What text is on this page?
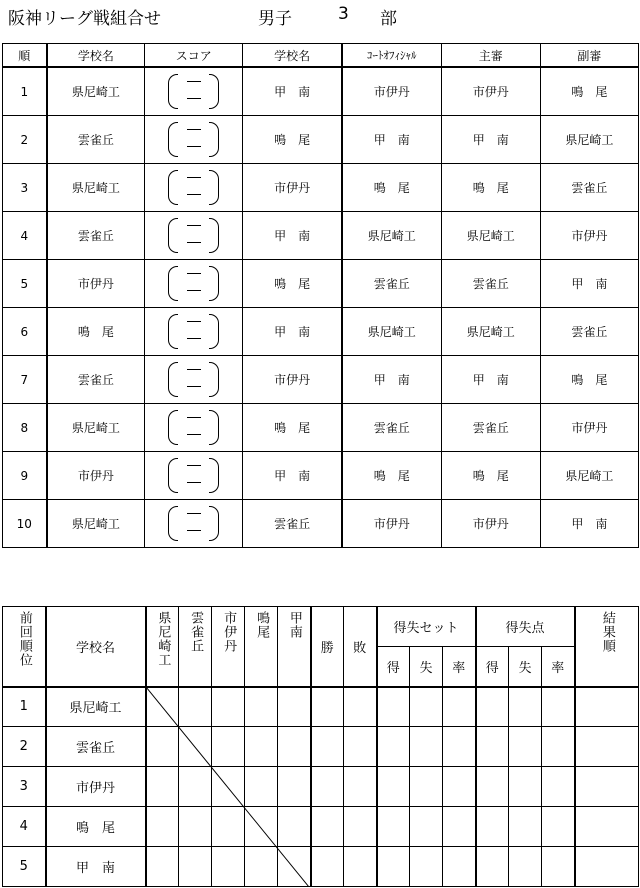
阪神リーグ戦組合せ	男子	3 部
順	学校名	スコア	学校名	ｺｰﾄｵﾌｨｼｬﾙ	主審	副審
1	県尼崎工		甲　南	市伊丹	市伊丹	鳴　尾
2	雲雀丘		鳴　尾	甲　南	甲　南	県尼崎工
3	県尼崎工		市伊丹	鳴　尾	鳴　尾	雲雀丘
4	雲雀丘		甲　南	県尼崎工	県尼崎工	市伊丹
5	市伊丹		鳴　尾	雲雀丘	雲雀丘	甲　南
6	鳴　尾		甲　南	県尼崎工	県尼崎工	雲雀丘
7	雲雀丘		市伊丹	甲　南	甲　南	鳴　尾
8	県尼崎工		鳴　尾	雲雀丘	雲雀丘	市伊丹
9	市伊丹		甲　南	鳴　尾	鳴　尾	県尼崎工
10	県尼崎工		雲雀丘	市伊丹	市伊丹	甲　南
前回順位	学校名	県尼崎工	雲雀丘	市伊丹	鳴尾	甲南	勝	敗	得失セット			得失点			結果順
									得	失	率	得	失	率	
1	県尼崎工														
2	雲雀丘														
3	市伊丹														
4	鳴　尾														
5	甲　南														
